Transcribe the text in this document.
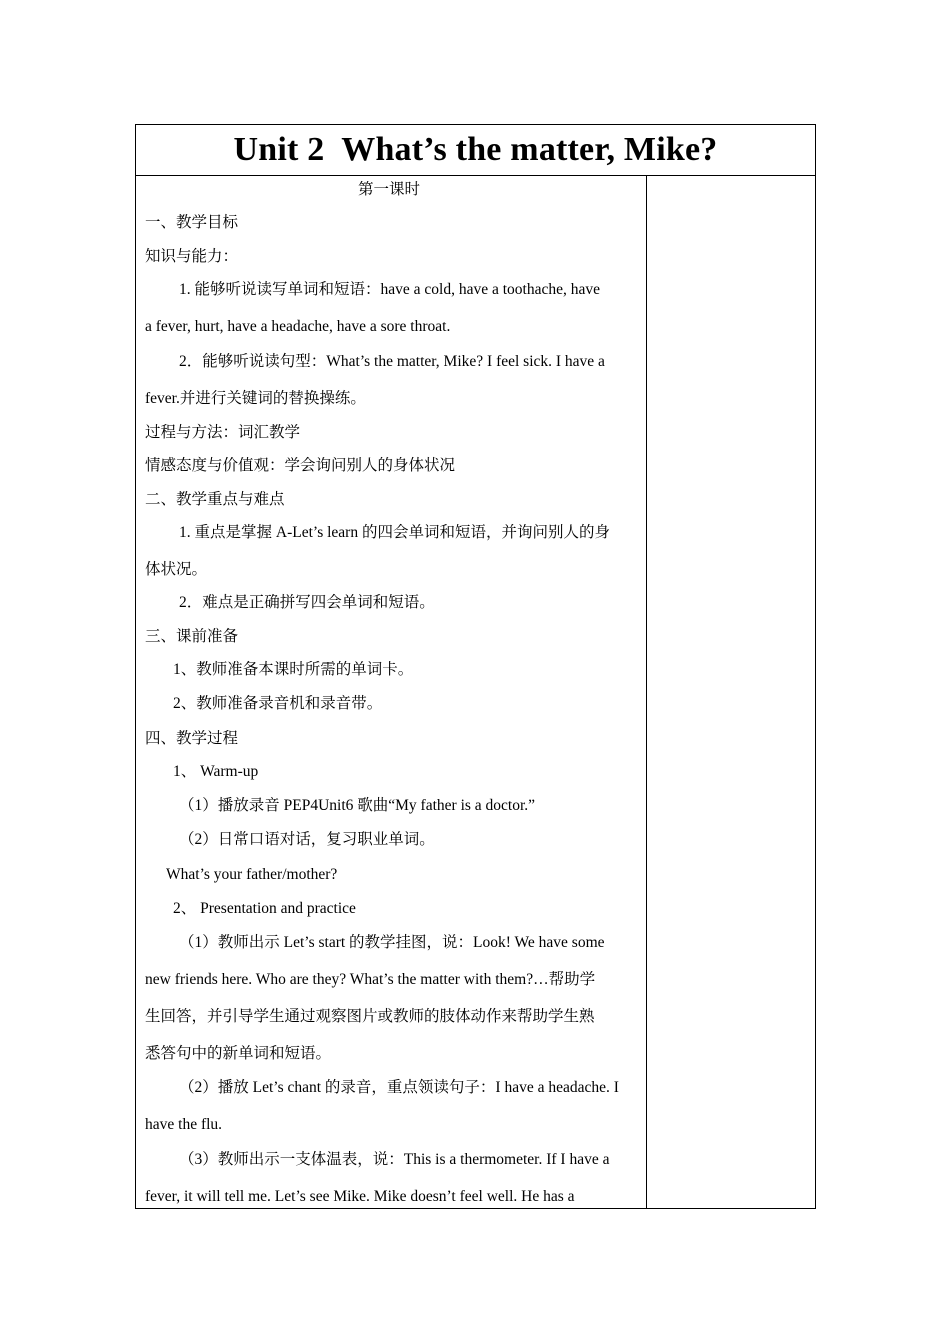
Unit 2  What’s the matter, Mike?
第一课时
一、教学目标
知识与能力：
1. 能够听说读写单词和短语：have a cold, have a toothache, have
a fever, hurt, have a headache, have a sore throat.
2．能够听说读句型：What’s the matter, Mike? I feel sick. I have a
fever.并进行关键词的替换操练。
过程与方法：词汇教学
情感态度与价值观：学会询问别人的身体状况
二、教学重点与难点
1. 重点是掌握 A-Let’s learn 的四会单词和短语，并询问别人的身
体状况。
2．难点是正确拼写四会单词和短语。
三、课前准备
1、教师准备本课时所需的单词卡。
2、教师准备录音机和录音带。
四、教学过程
1、 Warm-up
（1）播放录音 PEP4Unit6 歌曲“My father is a doctor.”
（2）日常口语对话，复习职业单词。
What’s your father/mother?
2、 Presentation and practice
（1）教师出示 Let’s start 的教学挂图，说：Look! We have some
new friends here. Who are they? What’s the matter with them?…帮助学
生回答，并引导学生通过观察图片或教师的肢体动作来帮助学生熟
悉答句中的新单词和短语。
（2）播放 Let’s chant 的录音，重点领读句子：I have a headache. I
have the flu.
（3）教师出示一支体温表，说：This is a thermometer. If I have a
fever, it will tell me. Let’s see Mike. Mike doesn’t feel well. He has a
